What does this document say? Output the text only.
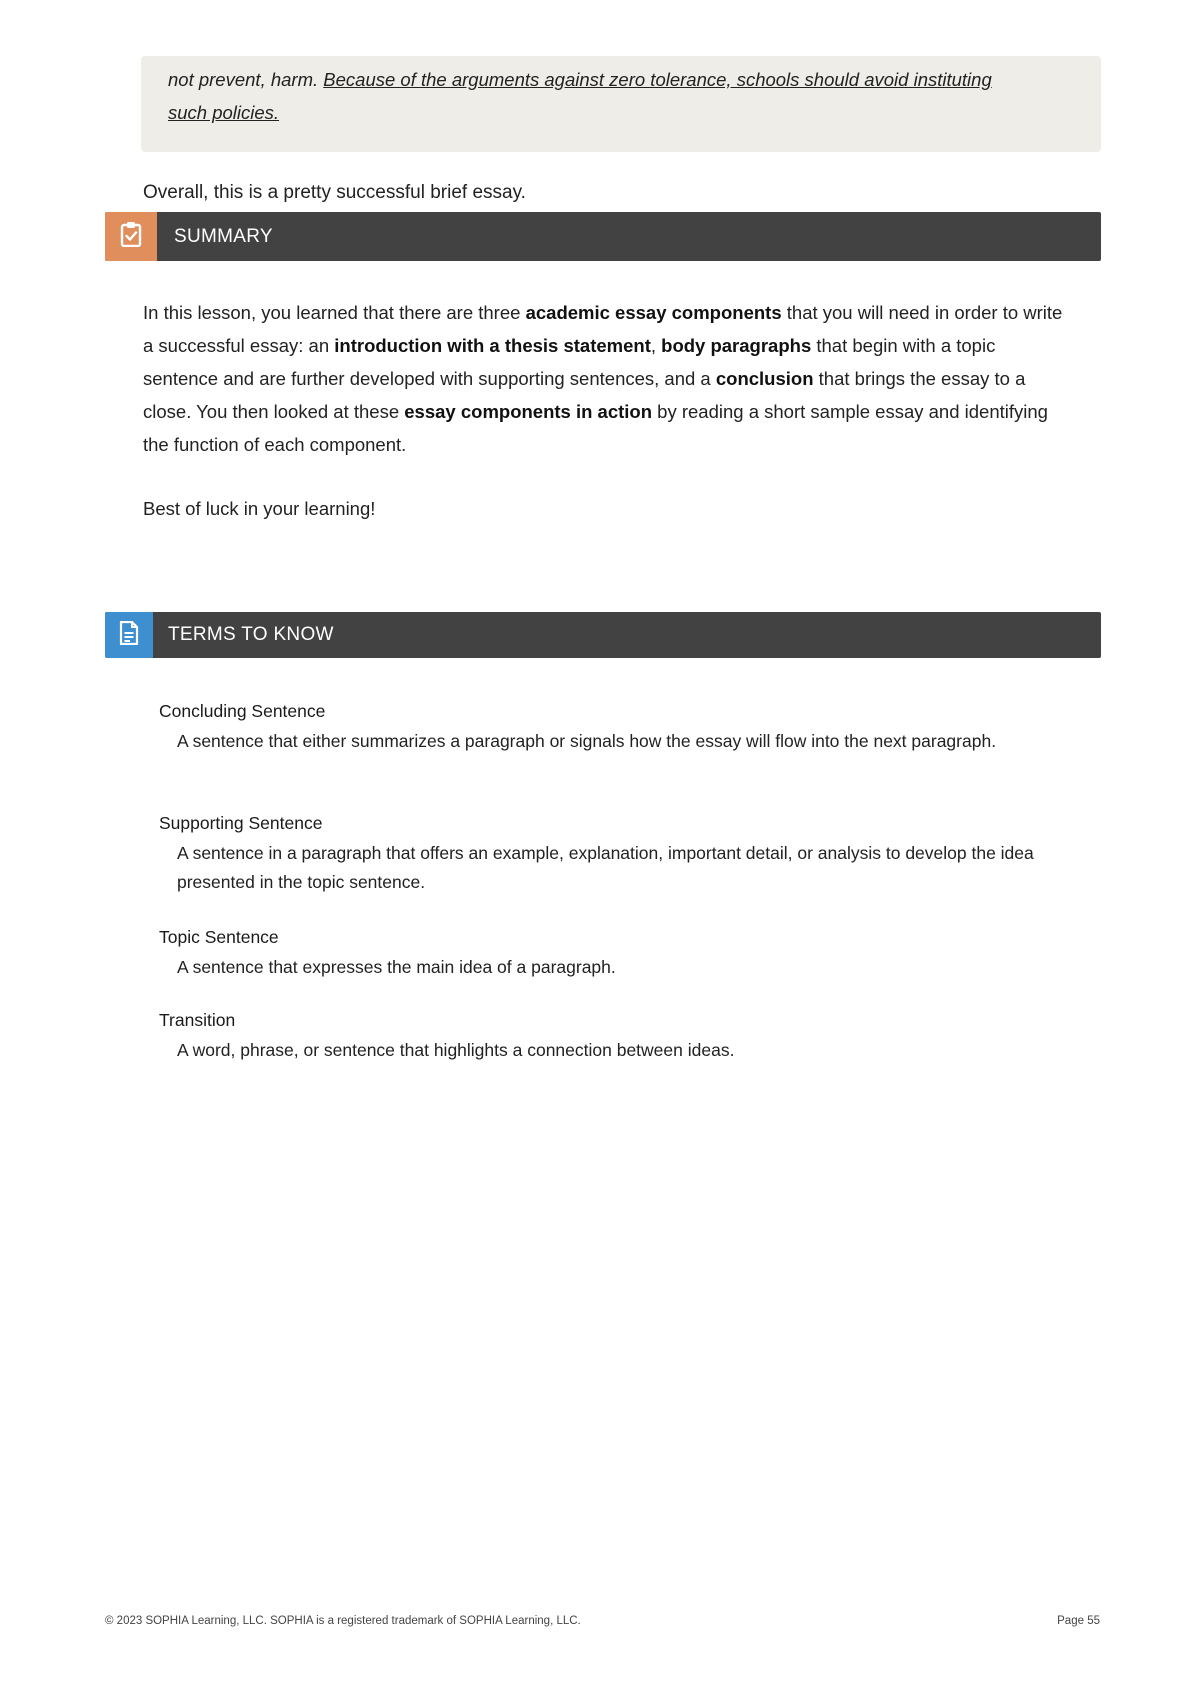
not prevent, harm. Because of the arguments against zero tolerance, schools should avoid instituting
such policies.

Overall, this is a pretty successful brief essay.

SUMMARY

In this lesson, you learned that there are three academic essay components that you will need in order to write a successful essay: an introduction with a thesis statement, body paragraphs that begin with a topic sentence and are further developed with supporting sentences, and a conclusion that brings the essay to a close. You then looked at these essay components in action by reading a short sample essay and identifying the function of each component.

Best of luck in your learning!

TERMS TO KNOW

Concluding Sentence

A sentence that either summarizes a paragraph or signals how the essay will flow into the next paragraph.

Supporting Sentence

A sentence in a paragraph that offers an example, explanation, important detail, or analysis to develop the idea presented in the topic sentence.

Topic Sentence

A sentence that expresses the main idea of a paragraph.

Transition

A word, phrase, or sentence that highlights a connection between ideas.

© 2023 SOPHIA Learning, LLC. SOPHIA is a registered trademark of SOPHIA Learning, LLC.	Page 55
